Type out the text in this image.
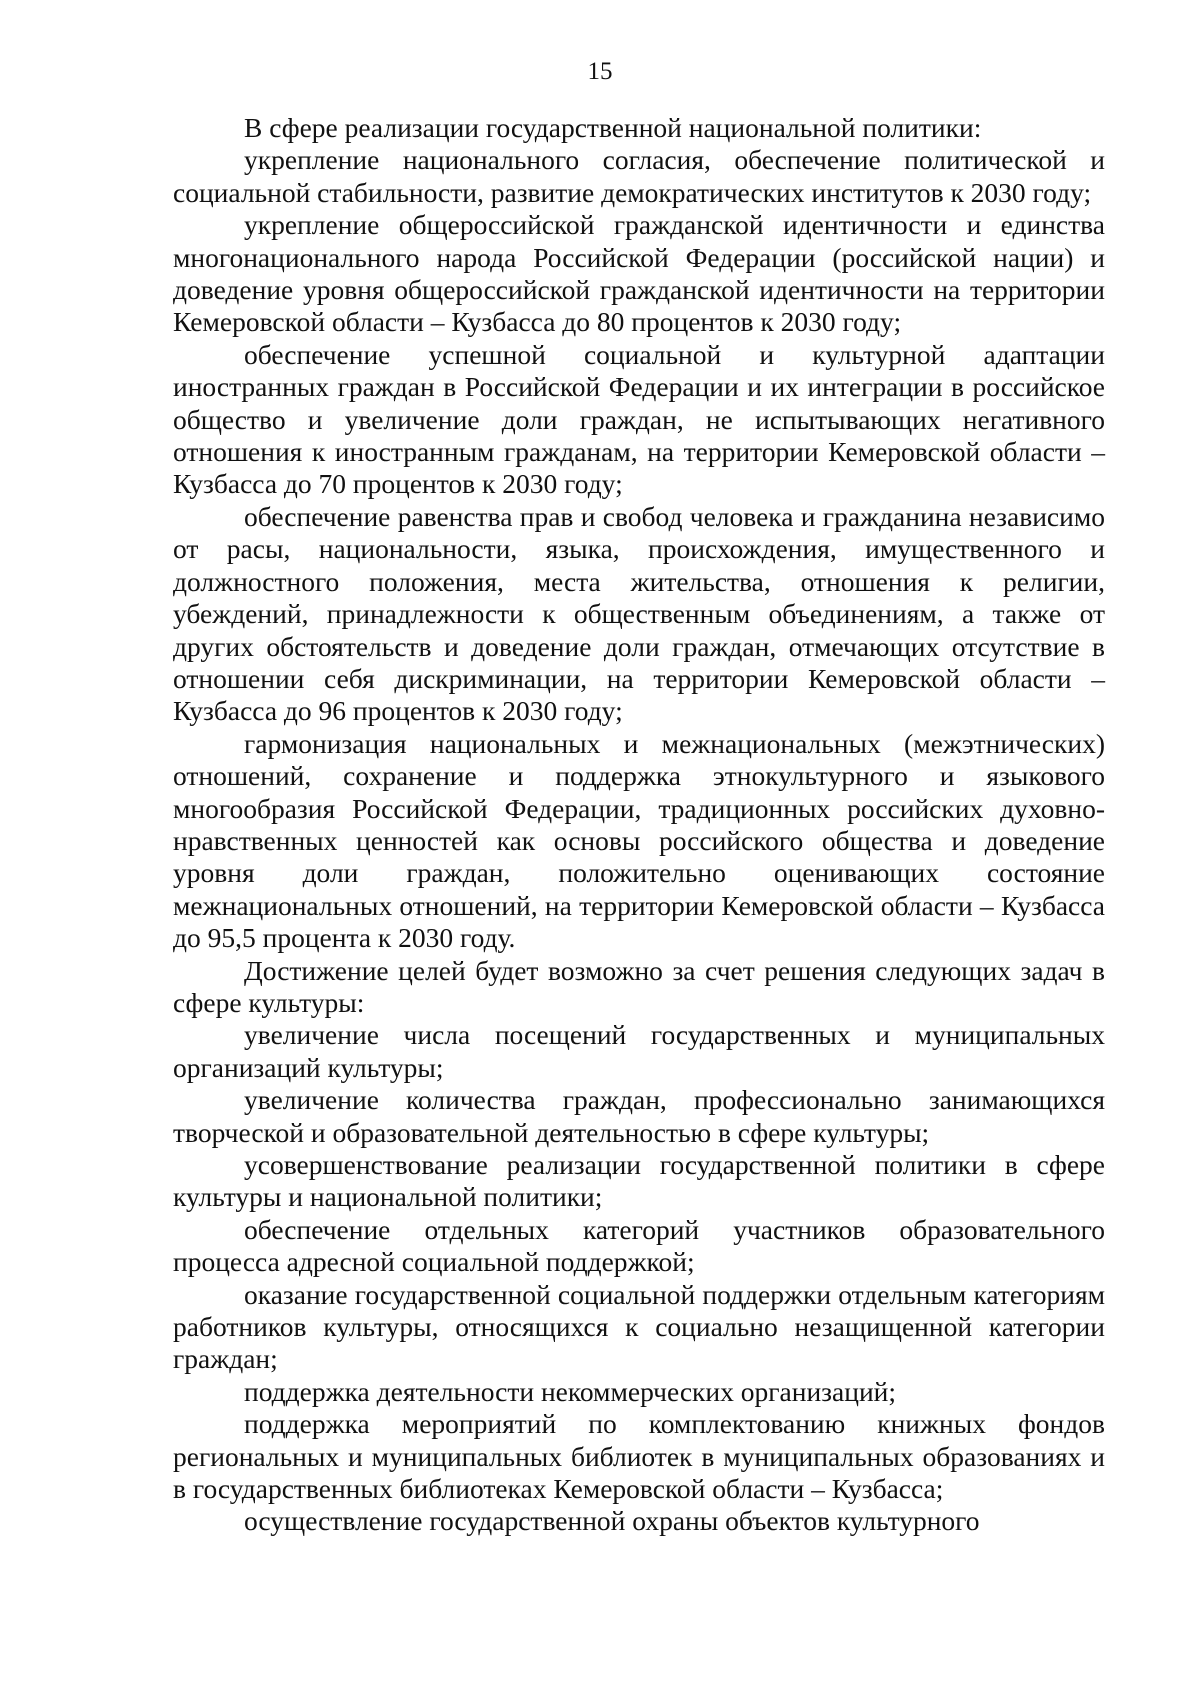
15

В сфере реализации государственной национальной политики:

укрепление национального согласия, обеспечение политической и социальной стабильности, развитие демократических институтов к 2030 году;

укрепление общероссийской гражданской идентичности и единства многонационального народа Российской Федерации (российской нации) и доведение уровня общероссийской гражданской идентичности на территории Кемеровской области – Кузбасса до 80 процентов к 2030 году;

обеспечение успешной социальной и культурной адаптации иностранных граждан в Российской Федерации и их интеграции в российское общество и увеличение доли граждан, не испытывающих негативного отношения к иностранным гражданам, на территории Кемеровской области – Кузбасса до 70 процентов к 2030 году;

обеспечение равенства прав и свобод человека и гражданина независимо от расы, национальности, языка, происхождения, имущественного и должностного положения, места жительства, отношения к религии, убеждений, принадлежности к общественным объединениям, а также от других обстоятельств и доведение доли граждан, отмечающих отсутствие в отношении себя дискриминации, на территории Кемеровской области – Кузбасса до 96 процентов к 2030 году;

гармонизация национальных и межнациональных (межэтнических) отношений, сохранение и поддержка этнокультурного и языкового многообразия Российской Федерации, традиционных российских духовно-нравственных ценностей как основы российского общества и доведение уровня доли граждан, положительно оценивающих состояние межнациональных отношений, на территории Кемеровской области – Кузбасса до 95,5 процента к 2030 году.

Достижение целей будет возможно за счет решения следующих задач в сфере культуры:

увеличение числа посещений государственных и муниципальных организаций культуры;

увеличение количества граждан, профессионально занимающихся творческой и образовательной деятельностью в сфере культуры;

усовершенствование реализации государственной политики в сфере культуры и национальной политики;

обеспечение отдельных категорий участников образовательного процесса адресной социальной поддержкой;

оказание государственной социальной поддержки отдельным категориям работников культуры, относящихся к социально незащищенной категории граждан;

поддержка деятельности некоммерческих организаций;

поддержка мероприятий по комплектованию книжных фондов региональных и муниципальных библиотек в муниципальных образованиях и в государственных библиотеках Кемеровской области – Кузбасса;

осуществление государственной охраны объектов культурного
